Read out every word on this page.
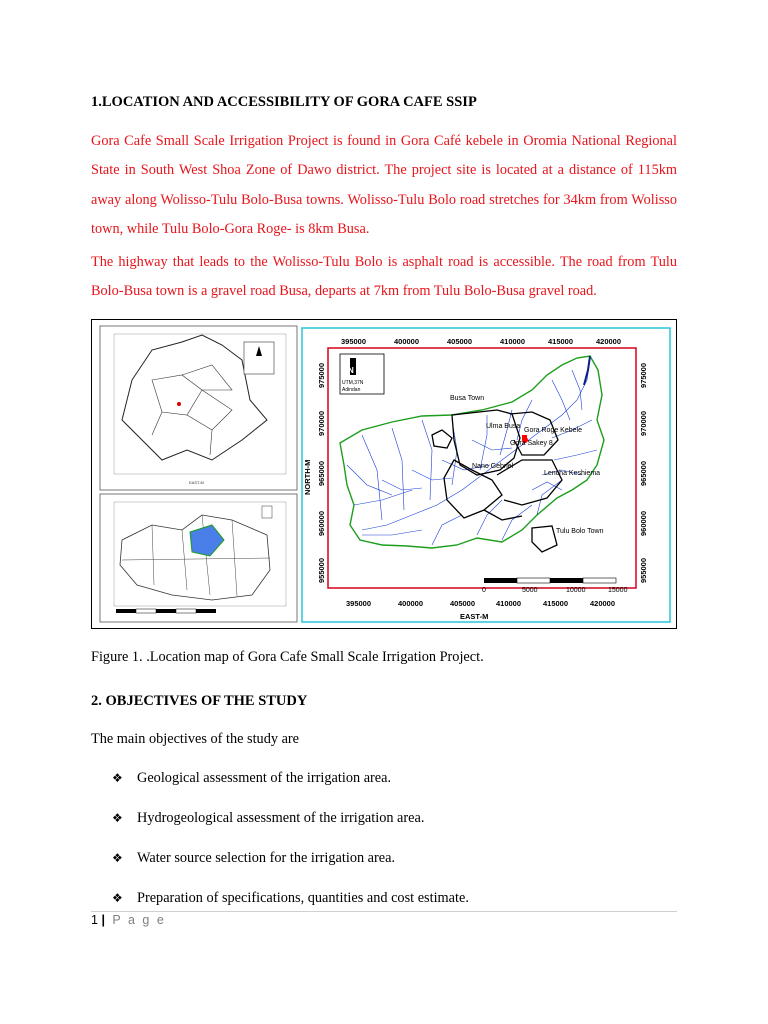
1.LOCATION AND ACCESSIBILITY OF GORA CAFE SSIP

Gora Cafe Small Scale Irrigation Project is found in Gora Café kebele in Oromia National Regional State in South West Shoa Zone of Dawo district. The project site is located at a distance of 115km away along Wolisso-Tulu Bolo-Busa towns. Wolisso-Tulu Bolo road stretches for 34km from Wolisso town, while Tulu Bolo-Gora Roge- is 8km Busa.

The highway that leads to the Wolisso-Tulu Bolo is asphalt road is accessible. The road from Tulu Bolo-Busa town is a gravel road Busa, departs at 7km from Tulu Bolo-Busa gravel road.

EAST-M
395000	400000	405000	410000	415000	420000
395000	400000	405000	410000	415000	420000
EAST-M
975000
970000
965000
960000
955000
975000
970000
965000
960000
955000
NORTH-M
N
UTM,37N
Adindan
Busa Town
Ulma Busa
Gora Roge Kebele
Gora Sakey 8
Nano Gebriel
Lencha Keshiema
Tulu Bolo Town
0	5000	10000	15000

Figure 1. .Location map of Gora Cafe Small Scale Irrigation Project.

2. OBJECTIVES OF THE STUDY

The main objectives of the study are

❖ Geological assessment of the irrigation area.
❖ Hydrogeological assessment of the irrigation area.
❖ Water source selection for the irrigation area.
❖ Preparation of specifications, quantities and cost estimate.
1 | P a g e
